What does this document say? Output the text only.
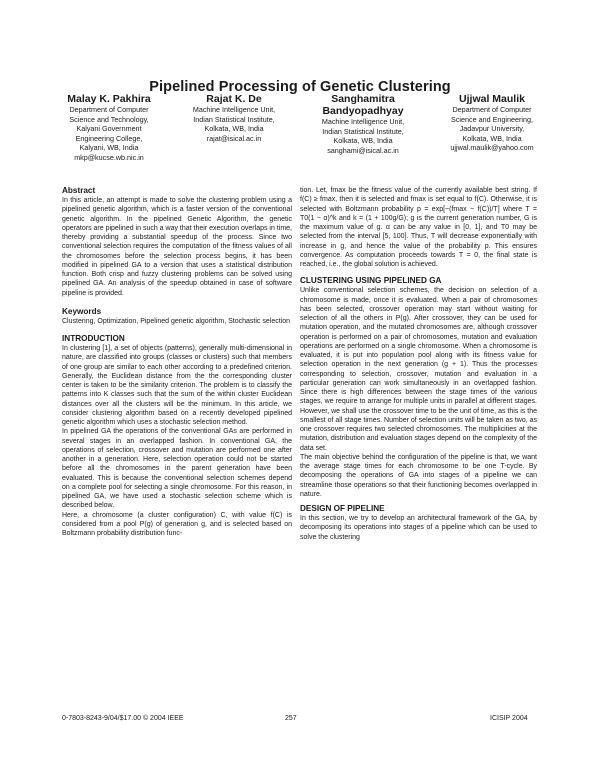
Pipelined Processing of Genetic Clustering
Malay K. Pakhira
Department of Computer
Science and Technology,
Kalyani Government
Engineering College,
Kalyani, WB, India
mkp@kucse.wb.nic.in
Rajat K. De
Machine Intelligence Unit,
Indian Statistical Institute,
Kolkata, WB, India
rajat@isical.ac.in
Sanghamitra Bandyopadhyay
Machine Intelligence Unit,
Indian Statistical Institute,
Kolkata, WB, India
sanghami@isical.ac.in
Ujjwal Maulik
Department of Computer
Science and Engineering,
Jadavpur University,
Kolkata, WB, India
ujjwal.maulik@yahoo.com
Abstract

In this article, an attempt is made to solve the clustering problem using a pipelined genetic algorithm, which is a faster version of the conventional genetic algorithm. In the pipelined Genetic Algorithm, the genetic operators are pipelined in such a way that their execution overlaps in time, thereby providing a substantial speedup of the process. Since two conventional selection requires the computation of the fitness values of all the chromosomes before the selection process begins, it has been modified in pipelined GA to a version that uses a statistical distribution function. Both crisp and fuzzy clustering problems can be solved using pipelined GA. An analysis of the speedup obtained in case of software pipeline is provided.

Keywords

Clustering, Optimization, Pipelined genetic algorithm, Stochastic selection

INTRODUCTION

In clustering [1], a set of objects (patterns), generally multi-dimensional in nature, are classified into groups (classes or clusters) such that members of one group are similar to each other according to a predefined criterion. Generally, the Euclidean distance from the the corresponding cluster center is taken to be the similarity criterion. The problem is to classify the patterns into K classes such that the sum of the within cluster Euclidean distances over all the clusters will be the minimum. In this article, we consider clustering algorithm based on a recently developed pipelined genetic algorithm which uses a stochastic selection method.

In pipelined GA the operations of the conventional GAs are performed in several stages in an overlapped fashion. In conventional GA, the operations of selection, crossover and mutation are performed one after another in a generation. Here, selection operation could not be started before all the chromosomes in the parent generation have been evaluated. This is because the conventional selection schemes depend on a complete pool for selecting a single chromosome. For this reason, in pipelined GA, we have used a stochastic selection scheme which is described below.

Here, a chromosome (a cluster configuration) C, with value f(C) is considered from a pool P(g) of generation g, and is selected based on Boltzmann probability distribution func-

tion. Let, fmax be the fitness value of the currently available best string. If f(C) ≥ fmax, then it is selected and fmax is set equal to f(C). Otherwise, it is selected with Boltzmann probability p = exp[−(fmax − f(C))/T] where T = T0(1 − α)^k and k = (1 + 100g/G); g is the current generation number, G is the maximum value of g. α can be any value in [0, 1], and T0 may be selected from the interval [5, 100]. Thus, T will decrease exponentially with increase in g, and hence the value of the probability p. This ensures convergence. As computation proceeds towards T = 0, the final state is reached, i.e., the global solution is achieved.

CLUSTERING USING PIPELINED GA

Unlike conventional selection schemes, the decision on selection of a chromosome is made, once it is evaluated. When a pair of chromosomes has been selected, crossover operation may start without waiting for selection of all the others in P(g). After crossover, they can be used for mutation operation, and the mutated chromosomes are, although crossover operation is performed on a pair of chromosomes, mutation and evaluation operations are performed on a single chromosome. When a chromosome is evaluated, it is put into population pool along with its fitness value for selection operation in the next generation (g + 1). Thus the processes corresponding to selection, crossover, mutation and evaluation in a particular generation can work simultaneously in an overlapped fashion. Since there is high differences between the stage times of the various stages, we require to arrange for multiple units in parallel at different stages. However, we shall use the crossover time to be the unit of time, as this is the smallest of all stage times. Number of selection units will be taken as two, as one crossover requires two selected chromosomes. The multiplicities at the mutation, distribution and evaluation stages depend on the complexity of the data set.

The main objective behind the configuration of the pipeline is that, we want the average stage times for each chromosome to be one T-cycle. By decomposing the operations of GA into stages of a pipeline we can streamline those operations so that their functioning becomes overlapped in nature.

DESIGN OF PIPELINE

In this section, we try to develop an architectural framework of the GA, by decomposing its operations into stages of a pipeline which can be used to solve the clustering

0-7803-8243-9/04/$17.00 © 2004 IEEE	257	ICISIP 2004
